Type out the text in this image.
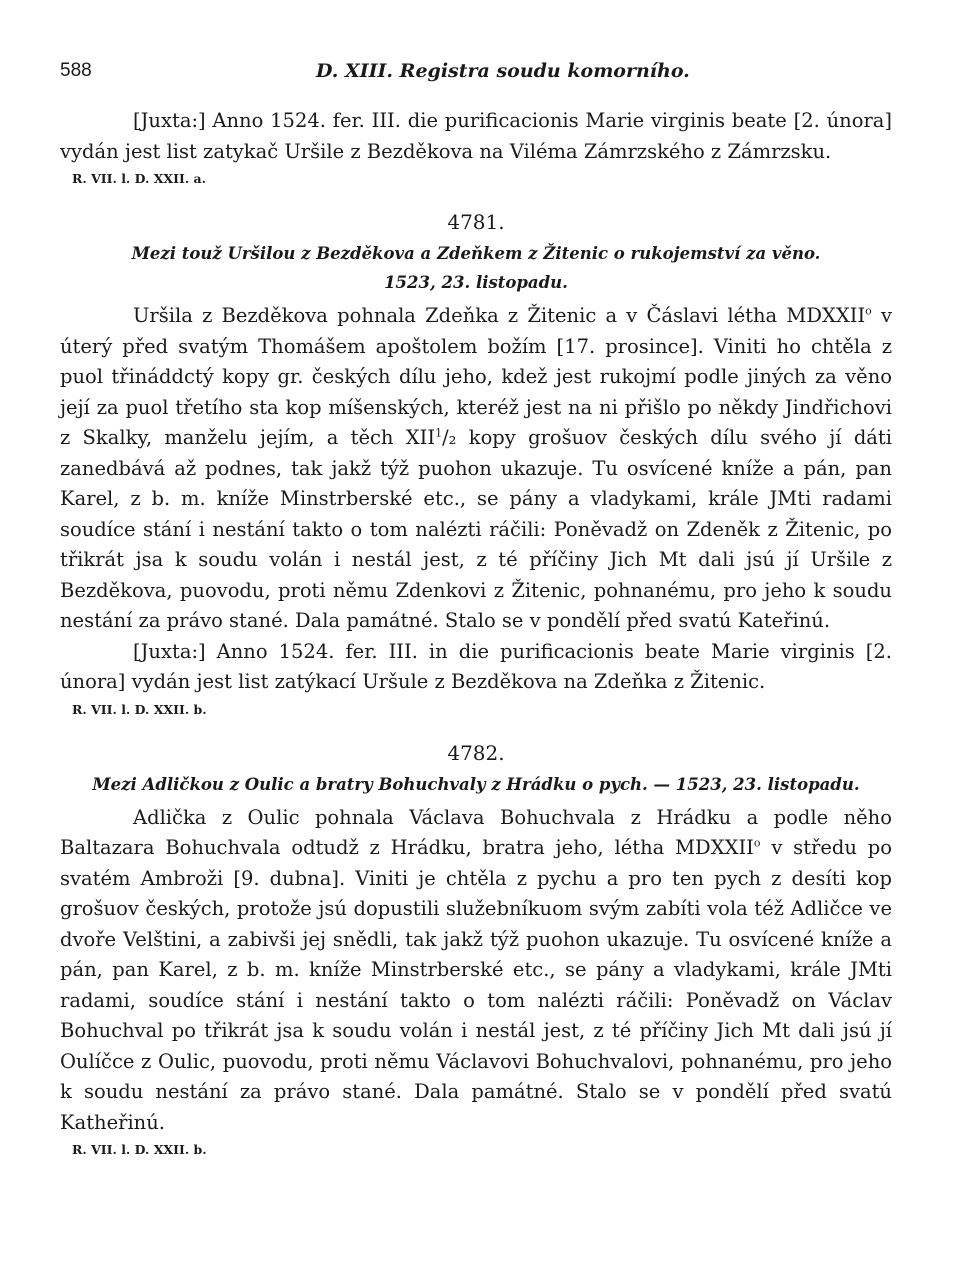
588	D. XIII. Registra soudu komorního.

[Juxta:] Anno 1524. fer. III. die purificacionis Marie virginis beate [2. února] vydán jest list zatykač Uršile z Bezděkova na Viléma Zámrzského z Zámrzsku.

R. VII. l. D. XXII. a.

4781.

Mezi touž Uršilou z Bezděkova a Zdeňkem z Žitenic o rukojemství za věno.

1523, 23. listopadu.

Uršila z Bezděkova pohnala Zdeňka z Žitenic a v Čáslavi létha MDXXII$^o$ v úterý před svatým Thomášem apoštolem božím [17. prosince]. Viniti ho chtěla z puol třináddctý kopy gr. českých dílu jeho, kdež jest rukojmí podle jiných za věno její za puol třetího sta kop míšenských, kteréž jest na ni přišlo po někdy Jindřichovi z Skalky, manželu jejím, a těch XII$^1$/₂ kopy grošuov českých dílu svého jí dáti zanedbává až podnes, tak jakž týž puohon ukazuje. Tu osvícené kníže a pán, pan Karel, z b. m. kníže Minstrberské etc., se pány a vladykami, krále JMti radami soudíce stání i nestání takto o tom nalézti ráčili: Poněvadž on Zdeněk z Žitenic, po třikrát jsa k soudu volán i nestál jest, z té příčiny Jich Mt dali jsú jí Uršile z Bezděkova, puovodu, proti němu Zdenkovi z Žitenic, pohnanému, pro jeho k soudu nestání za právo stané. Dala památné. Stalo se v pondělí před svatú Kateřinú.

[Juxta:] Anno 1524. fer. III. in die purificacionis beate Marie virginis [2. února] vydán jest list zatýkací Uršule z Bezděkova na Zdeňka z Žitenic.

R. VII. l. D. XXII. b.

4782.

Mezi Adličkou z Oulic a bratry Bohuchvaly z Hrádku o pych. — 1523, 23. listopadu.

Adlička z Oulic pohnala Václava Bohuchvala z Hrádku a podle něho Baltazara Bohuchvala odtudž z Hrádku, bratra jeho, létha MDXXII$^o$ v středu po svatém Ambroži [9. dubna]. Viniti je chtěla z pychu a pro ten pych z desíti kop grošuov českých, protože jsú dopustili služebníkuom svým zabíti vola též Adličce ve dvoře Velštini, a zabivši jej snědli, tak jakž týž puohon ukazuje. Tu osvícené kníže a pán, pan Karel, z b. m. kníže Minstrberské etc., se pány a vladykami, krále JMti radami, soudíce stání i nestání takto o tom nalézti ráčili: Poněvadž on Václav Bohuchval po třikrát jsa k soudu volán i nestál jest, z té příčiny Jich Mt dali jsú jí Oulíčce z Oulic, puovodu, proti němu Václavovi Bohuchvalovi, pohnanému, pro jeho k soudu nestání za právo stané. Dala památné. Stalo se v pondělí před svatú Katheřinú.

R. VII. l. D. XXII. b.
